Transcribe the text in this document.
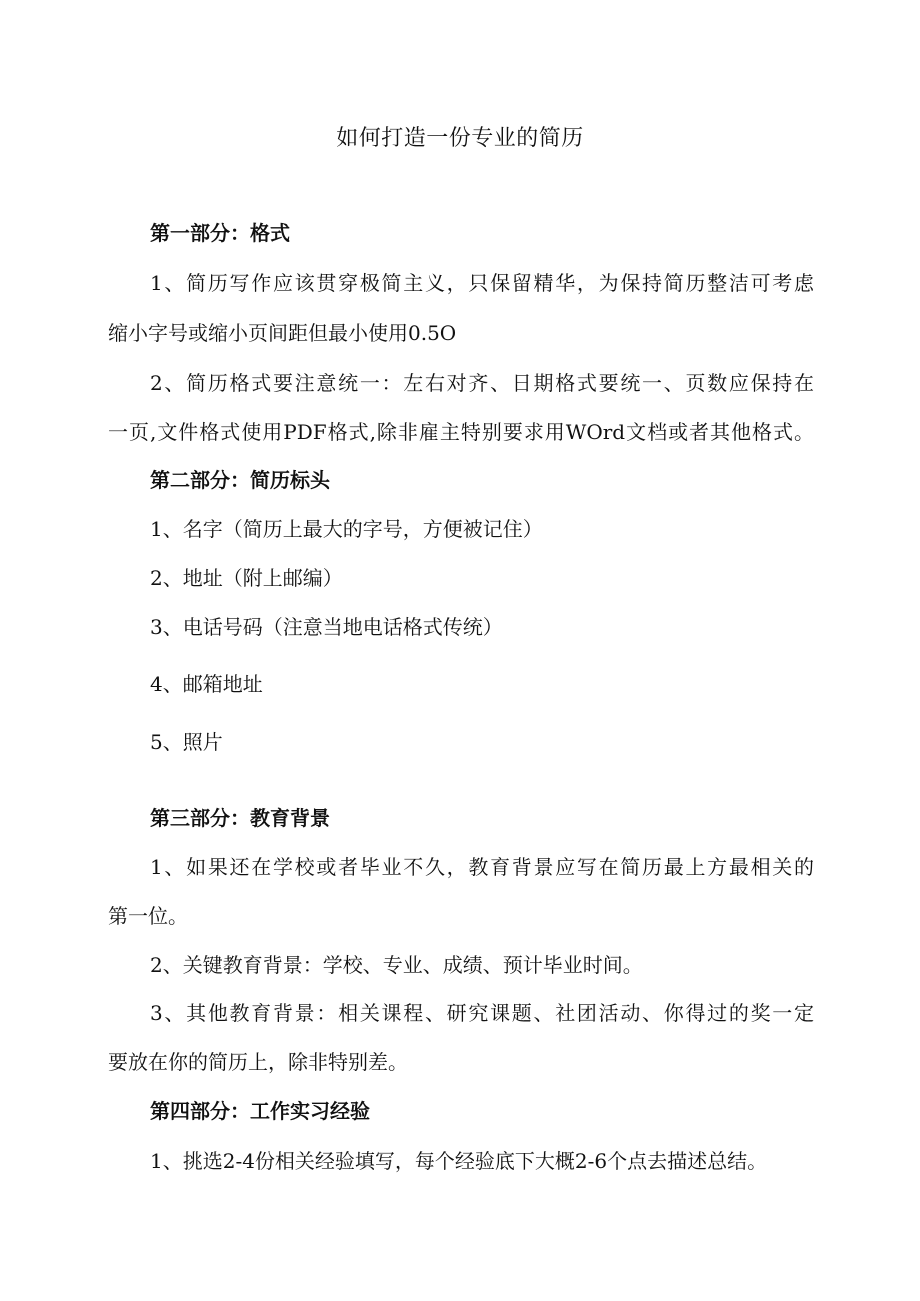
如何打造一份专业的简历
第一部分：格式
1、简历写作应该贯穿极简主义，只保留精华，为保持简历整洁可考虑
缩小字号或缩小页间距但最小使用0.5O
2、简历格式要注意统一：左右对齐、日期格式要统一、页数应保持在
一页,文件格式使用PDF格式,除非雇主特别要求用WOrd文档或者其他格式。
第二部分：简历标头
1、名字（简历上最大的字号，方便被记住）
2、地址（附上邮编）
3、电话号码（注意当地电话格式传统）
4、邮箱地址
5、照片
第三部分：教育背景
1、如果还在学校或者毕业不久，教育背景应写在简历最上方最相关的
第一位。
2、关键教育背景：学校、专业、成绩、预计毕业时间。
3、其他教育背景：相关课程、研究课题、社团活动、你得过的奖一定
要放在你的简历上，除非特别差。
第四部分：工作实习经验
1、挑选2-4份相关经验填写，每个经验底下大概2-6个点去描述总结。
